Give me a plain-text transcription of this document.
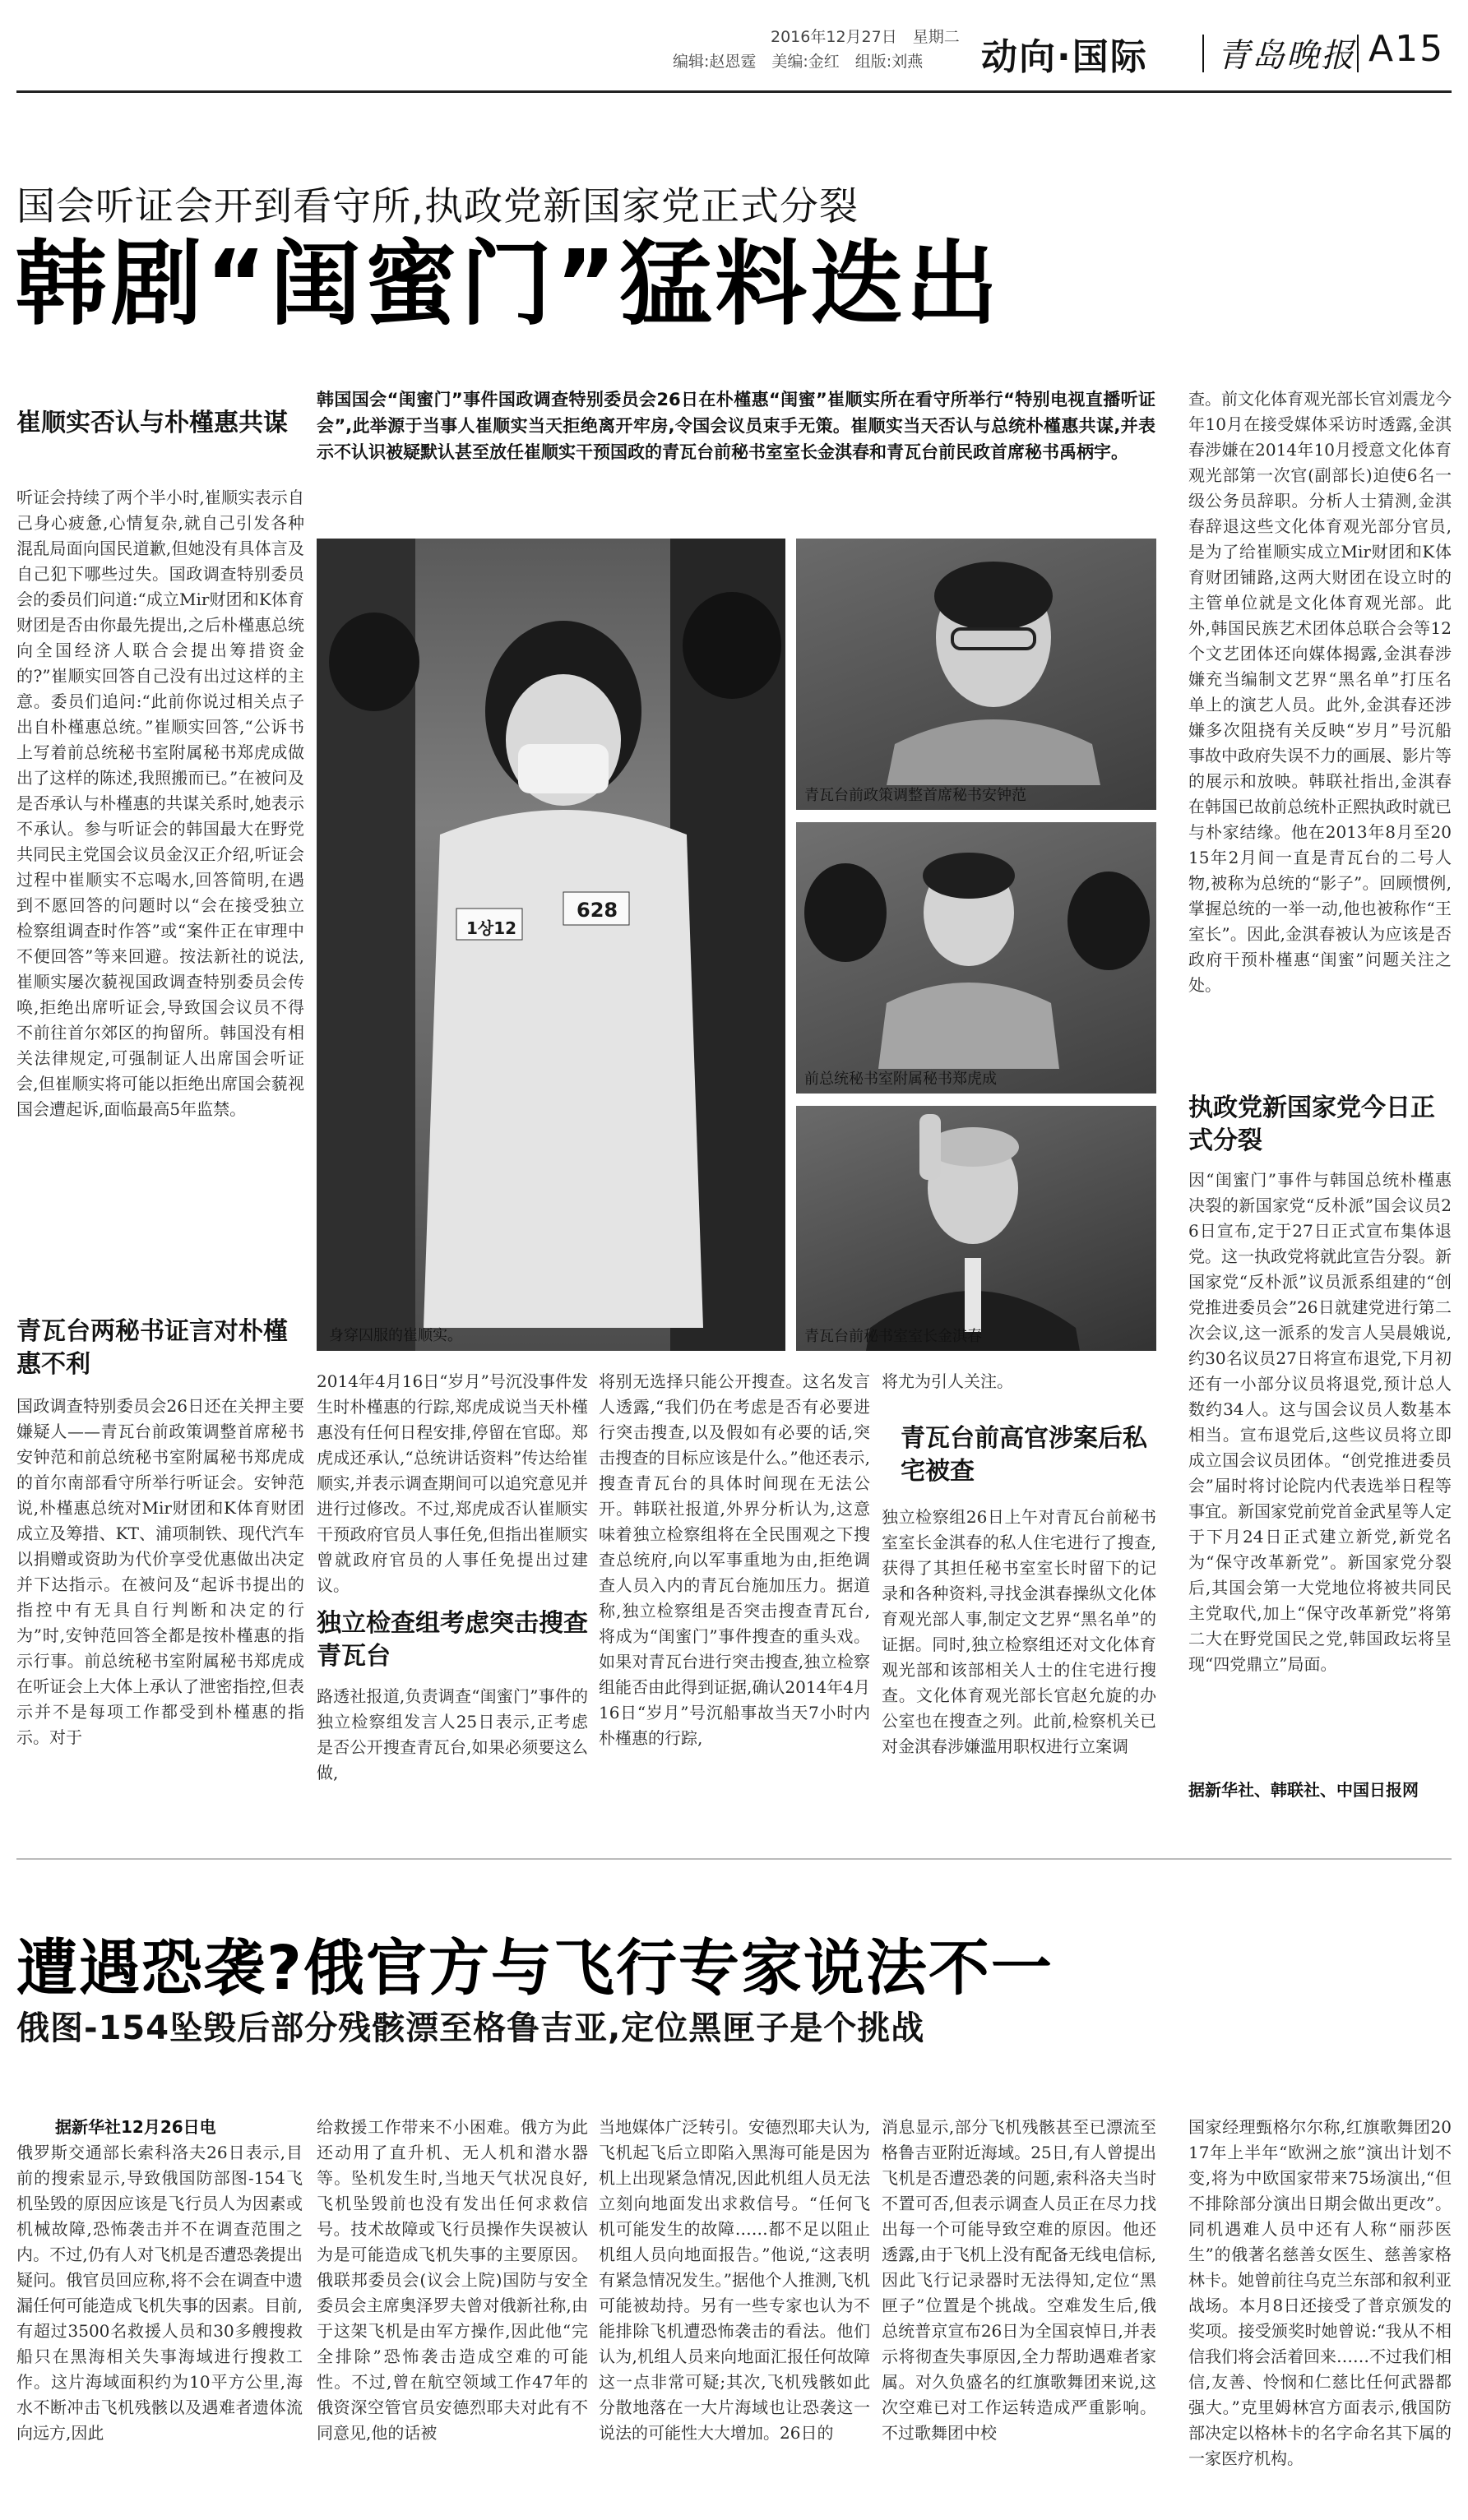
2016年12月27日　星期二
编辑:赵恩霆　美编:金红　组版:刘燕 动向·国际 青岛晚报 A15
国会听证会开到看守所,执政党新国家党正式分裂
韩剧“闺蜜门”猛料迭出
崔顺实否认与朴槿惠共谋
听证会持续了两个半小时,崔顺实表示自己身心疲惫,心情复杂,就自己引发各种混乱局面向国民道歉,但她没有具体言及自己犯下哪些过失。国政调查特别委员会的委员们问道:“成立Mir财团和K体育财团是否由你最先提出,之后朴槿惠总统向全国经济人联合会提出筹措资金的?”崔顺实回答自己没有出过这样的主意。委员们追问:“此前你说过相关点子出自朴槿惠总统。”崔顺实回答,“公诉书上写着前总统秘书室附属秘书郑虎成做出了这样的陈述,我照搬而已。”在被问及是否承认与朴槿惠的共谋关系时,她表示不承认。参与听证会的韩国最大在野党共同民主党国会议员金汉正介绍,听证会过程中崔顺实不忘喝水,回答简明,在遇到不愿回答的问题时以“会在接受独立检察组调查时作答”或“案件正在审理中不便回答”等来回避。按法新社的说法,崔顺实屡次藐视国政调查特别委员会传唤,拒绝出席听证会,导致国会议员不得不前往首尔郊区的拘留所。韩国没有相关法律规定,可强制证人出席国会听证会,但崔顺实将可能以拒绝出席国会藐视国会遭起诉,面临最高5年监禁。
青瓦台两秘书证言对朴槿惠不利
国政调查特别委员会26日还在关押主要嫌疑人——青瓦台前政策调整首席秘书安钟范和前总统秘书室附属秘书郑虎成的首尔南部看守所举行听证会。安钟范说,朴槿惠总统对Mir财团和K体育财团成立及筹措、KT、浦项制铁、现代汽车以捐赠或资助为代价享受优惠做出决定并下达指示。在被问及“起诉书提出的指控中有无具自行判断和决定的行为”时,安钟范回答全都是按朴槿惠的指示行事。前总统秘书室附属秘书郑虎成在听证会上大体上承认了泄密指控,但表示并不是每项工作都受到朴槿惠的指示。对于
韩国国会“闺蜜门”事件国政调查特别委员会26日在朴槿惠“闺蜜”崔顺实所在看守所举行“特别电视直播听证会”,此举源于当事人崔顺实当天拒绝离开牢房,令国会议员束手无策。崔顺实当天否认与总统朴槿惠共谋,并表示不认识被疑默认甚至放任崔顺实干预国政的青瓦台前秘书室室长金淇春和青瓦台前民政首席秘书禹柄宇。
1상12
628
身穿囚服的崔顺实。
青瓦台前政策调整首席秘书安钟范
前总统秘书室附属秘书郑虎成
青瓦台前秘书室室长金淇春
2014年4月16日“岁月”号沉没事件发生时朴槿惠的行踪,郑虎成说当天朴槿惠没有任何日程安排,停留在官邸。郑虎成还承认,“总统讲话资料”传达给崔顺实,并表示调查期间可以追究意见并进行过修改。不过,郑虎成否认崔顺实干预政府官员人事任免,但指出崔顺实曾就政府官员的人事任免提出过建议。
独立检查组考虑突击搜查青瓦台
路透社报道,负责调查“闺蜜门”事件的独立检察组发言人25日表示,正考虑是否公开搜查青瓦台,如果必须要这么做,
将别无选择只能公开搜查。这名发言人透露,“我们仍在考虑是否有必要进行突击搜查,以及假如有必要的话,突击搜查的目标应该是什么。”他还表示,搜查青瓦台的具体时间现在无法公开。韩联社报道,外界分析认为,这意味着独立检察组将在全民围观之下搜查总统府,向以军事重地为由,拒绝调查人员入内的青瓦台施加压力。据道称,独立检察组是否突击搜查青瓦台,将成为“闺蜜门”事件搜查的重头戏。如果对青瓦台进行突击搜查,独立检察组能否由此得到证据,确认2014年4月16日“岁月”号沉船事故当天7小时内朴槿惠的行踪,
将尤为引人关注。
青瓦台前高官涉案后私宅被查
独立检察组26日上午对青瓦台前秘书室室长金淇春的私人住宅进行了搜查,获得了其担任秘书室室长时留下的记录和各种资料,寻找金淇春操纵文化体育观光部人事,制定文艺界“黑名单”的证据。同时,独立检察组还对文化体育观光部和该部相关人士的住宅进行搜查。文化体育观光部长官赵允旋的办公室也在搜查之列。此前,检察机关已对金淇春涉嫌滥用职权进行立案调
查。前文化体育观光部长官刘震龙今年10月在接受媒体采访时透露,金淇春涉嫌在2014年10月授意文化体育观光部第一次官(副部长)迫使6名一级公务员辞职。分析人士猜测,金淇春辞退这些文化体育观光部分官员,是为了给崔顺实成立Mir财团和K体育财团铺路,这两大财团在设立时的主管单位就是文化体育观光部。此外,韩国民族艺术团体总联合会等12个文艺团体还向媒体揭露,金淇春涉嫌充当编制文艺界“黑名单”打压名单上的演艺人员。此外,金淇春还涉嫌多次阻挠有关反映“岁月”号沉船事故中政府失误不力的画展、影片等的展示和放映。韩联社指出,金淇春在韩国已故前总统朴正熙执政时就已与朴家结缘。他在2013年8月至2015年2月间一直是青瓦台的二号人物,被称为总统的“影子”。回顾惯例,掌握总统的一举一动,他也被称作“王室长”。因此,金淇春被认为应该是否政府干预朴槿惠“闺蜜”问题关注之处。
执政党新国家党今日正式分裂
因“闺蜜门”事件与韩国总统朴槿惠决裂的新国家党“反朴派”国会议员26日宣布,定于27日正式宣布集体退党。这一执政党将就此宣告分裂。新国家党“反朴派”议员派系组建的“创党推进委员会”26日就建党进行第二次会议,这一派系的发言人吴晨娥说,约30名议员27日将宣布退党,下月初还有一小部分议员将退党,预计总人数约34人。这与国会议员人数基本相当。宣布退党后,这些议员将立即成立国会议员团体。“创党推进委员会”届时将讨论院内代表选举日程等事宜。新国家党前党首金武星等人定于下月24日正式建立新党,新党名为“保守改革新党”。新国家党分裂后,其国会第一大党地位将被共同民主党取代,加上“保守改革新党”将第二大在野党国民之党,韩国政坛将呈现“四党鼎立”局面。
据新华社、韩联社、中国日报网
遭遇恐袭?俄官方与飞行专家说法不一
俄图-154坠毁后部分残骸漂至格鲁吉亚,定位黑匣子是个挑战
据新华社12月26日电
俄罗斯交通部长索科洛夫26日表示,目前的搜索显示,导致俄国防部图-154飞机坠毁的原因应该是飞行员人为因素或机械故障,恐怖袭击并不在调查范围之内。不过,仍有人对飞机是否遭恐袭提出疑问。俄官员回应称,将不会在调查中遗漏任何可能造成飞机失事的因素。目前,有超过3500名救援人员和30多艘搜救船只在黑海相关失事海域进行搜救工作。这片海域面积约为10平方公里,海水不断冲击飞机残骸以及遇难者遗体流向远方,因此
给救援工作带来不小困难。俄方为此还动用了直升机、无人机和潜水器等。坠机发生时,当地天气状况良好,飞机坠毁前也没有发出任何求救信号。技术故障或飞行员操作失误被认为是可能造成飞机失事的主要原因。俄联邦委员会(议会上院)国防与安全委员会主席奥泽罗夫曾对俄新社称,由于这架飞机是由军方操作,因此他“完全排除”恐怖袭击造成空难的可能性。不过,曾在航空领域工作47年的俄资深空管官员安德烈耶夫对此有不同意见,他的话被
当地媒体广泛转引。安德烈耶夫认为,飞机起飞后立即陷入黑海可能是因为机上出现紧急情况,因此机组人员无法立刻向地面发出求救信号。“任何飞机可能发生的故障……都不足以阻止机组人员向地面报告。”他说,“这表明有紧急情况发生。”据他个人推测,飞机可能被劫持。另有一些专家也认为不能排除飞机遭恐怖袭击的看法。他们认为,机组人员来向地面汇报任何故障这一点非常可疑;其次,飞机残骸如此分散地落在一大片海域也让恐袭这一说法的可能性大大增加。26日的
消息显示,部分飞机残骸甚至已漂流至格鲁吉亚附近海域。25日,有人曾提出飞机是否遭恐袭的问题,索科洛夫当时不置可否,但表示调查人员正在尽力找出每一个可能导致空难的原因。他还透露,由于飞机上没有配备无线电信标,因此飞行记录器时无法得知,定位“黑匣子”位置是个挑战。空难发生后,俄总统普京宣布26日为全国哀悼日,并表示将彻查失事原因,全力帮助遇难者家属。对久负盛名的红旗歌舞团来说,这次空难已对工作运转造成严重影响。不过歌舞团中校
国家经理甄格尔尔称,红旗歌舞团2017年上半年“欧洲之旅”演出计划不变,将为中欧国家带来75场演出,“但不排除部分演出日期会做出更改”。同机遇难人员中还有人称“丽莎医生”的俄著名慈善女医生、慈善家格林卡。她曾前往乌克兰东部和叙利亚战场。本月8日还接受了普京颁发的奖项。接受颁奖时她曾说:“我从不相信我们将会活着回来……不过我们相信,友善、怜悯和仁慈比任何武器都强大。”克里姆林宫方面表示,俄国防部决定以格林卡的名字命名其下属的一家医疗机构。
